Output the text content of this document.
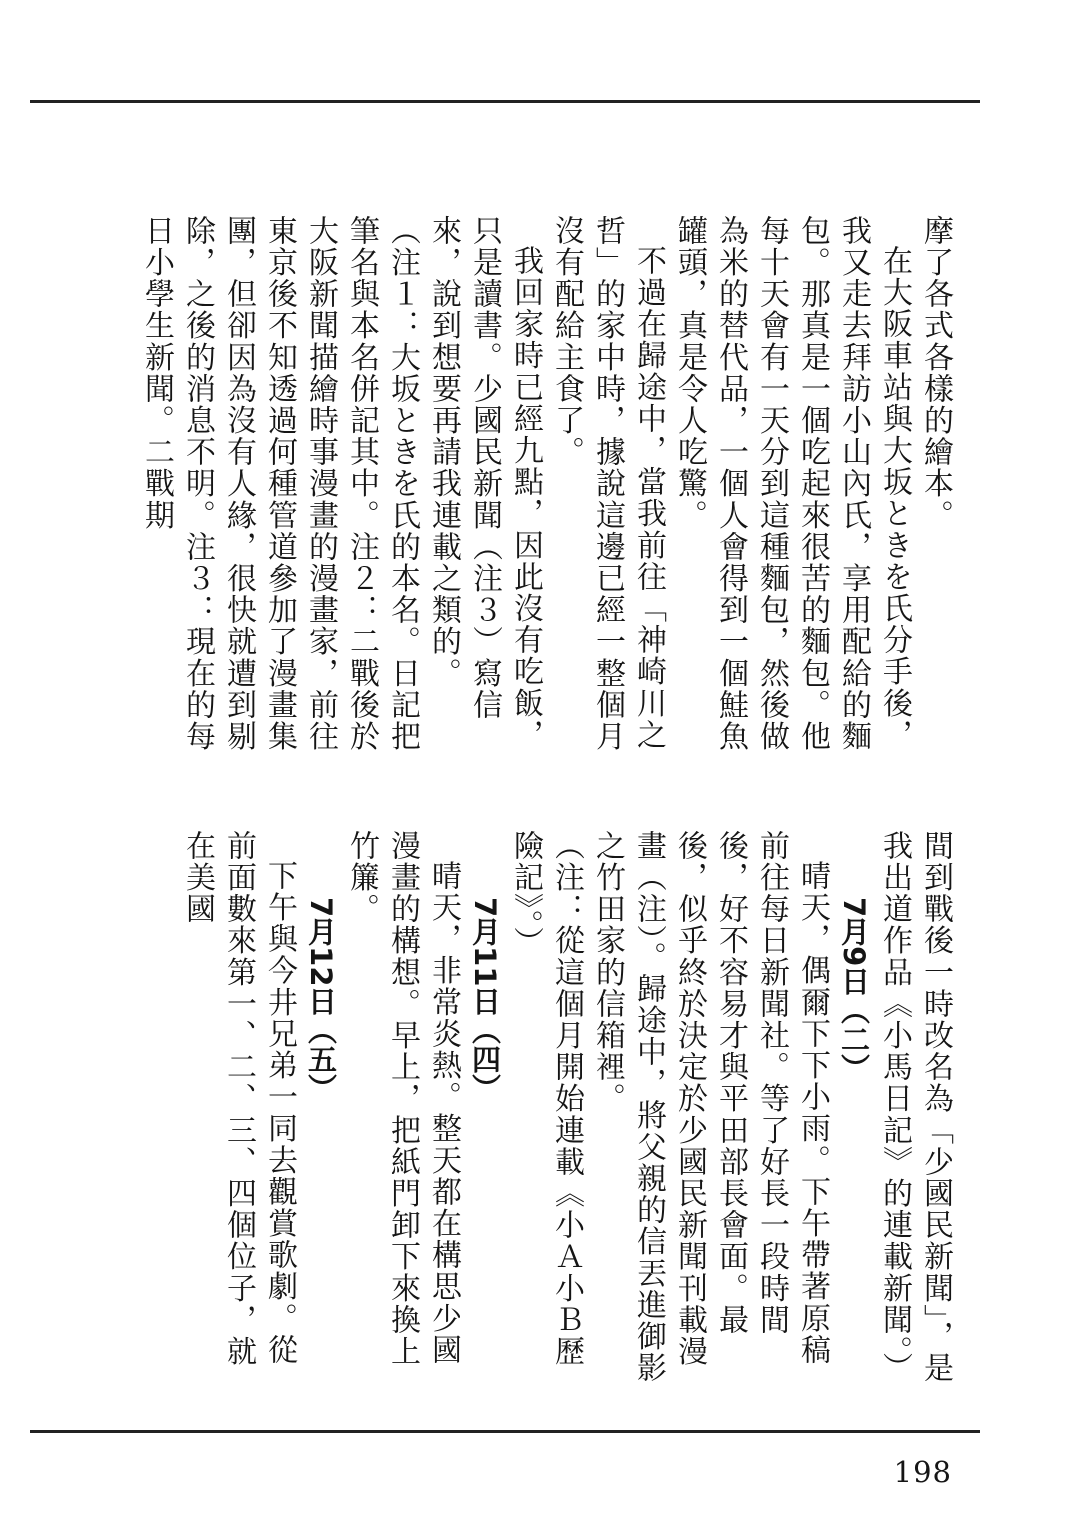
摩了各式各樣的繪本。

在大阪車站與大坂ときを氏分手後，我又走去拜訪小山內氏，享用配給的麵包。那真是一個吃起來很苦的麵包。他每十天會有一天分到這種麵包，然後做為米的替代品，一個人會得到一個鮭魚罐頭，真是令人吃驚。

不過在歸途中，當我前往「神崎川之哲」的家中時，據說這邊已經一整個月沒有配給主食了。

我回家時已經九點，因此沒有吃飯，只是讀書。少國民新聞（注３）寫信來，說到想要再請我連載之類的。

（注１：大坂ときを氏的本名。日記把筆名與本名併記其中。注２：二戰後於大阪新聞描繪時事漫畫的漫畫家，前往東京後不知透過何種管道參加了漫畫集團，但卻因為沒有人緣，很快就遭到剔除，之後的消息不明。注３：現在的每日小學生新聞。二戰期

間到戰後一時改名為「少國民新聞」，是我出道作品《小馬日記》的連載新聞。）

7月9日（二）

晴天，偶爾下下小雨。下午帶著原稿前往每日新聞社。等了好長一段時間後，好不容易才與平田部長會面。最後，似乎終於決定於少國民新聞刊載漫畫（注）。歸途中，將父親的信丟進御影之竹田家的信箱裡。

（注：從這個月開始連載《小Ａ小Ｂ歷險記》。）

7月11日（四）

晴天，非常炎熱。整天都在構思少國漫畫的構想。早上，把紙門卸下來換上竹簾。

7月12日（五）

下午與今井兄弟一同去觀賞歌劇。從前面數來第一、二、三、四個位子，就在美國

198
